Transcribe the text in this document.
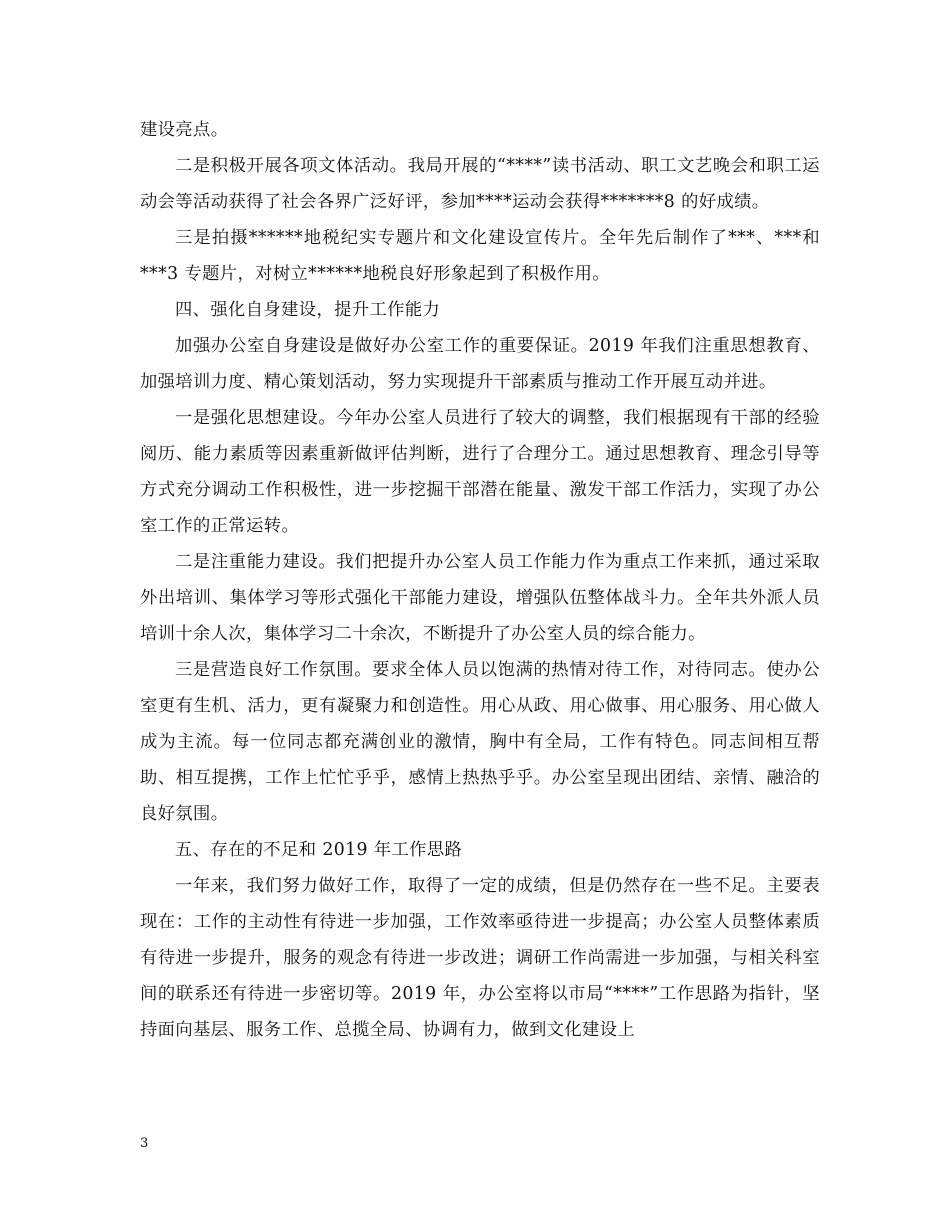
建设亮点。

二是积极开展各项文体活动。我局开展的“****”读书活动、职工文艺晚会和职工运动会等活动获得了社会各界广泛好评，参加****运动会获得*******8 的好成绩。

三是拍摄******地税纪实专题片和文化建设宣传片。全年先后制作了***、***和***3 专题片，对树立******地税良好形象起到了积极作用。

四、强化自身建设，提升工作能力

加强办公室自身建设是做好办公室工作的重要保证。2019 年我们注重思想教育、加强培训力度、精心策划活动，努力实现提升干部素质与推动工作开展互动并进。

一是强化思想建设。今年办公室人员进行了较大的调整，我们根据现有干部的经验阅历、能力素质等因素重新做评估判断，进行了合理分工。通过思想教育、理念引导等方式充分调动工作积极性，进一步挖掘干部潜在能量、激发干部工作活力，实现了办公室工作的正常运转。

二是注重能力建设。我们把提升办公室人员工作能力作为重点工作来抓，通过采取外出培训、集体学习等形式强化干部能力建设，增强队伍整体战斗力。全年共外派人员培训十余人次，集体学习二十余次，不断提升了办公室人员的综合能力。

三是营造良好工作氛围。要求全体人员以饱满的热情对待工作，对待同志。使办公室更有生机、活力，更有凝聚力和创造性。用心从政、用心做事、用心服务、用心做人成为主流。每一位同志都充满创业的激情，胸中有全局，工作有特色。同志间相互帮助、相互提携，工作上忙忙乎乎，感情上热热乎乎。办公室呈现出团结、亲情、融洽的良好氛围。

五、存在的不足和 2019 年工作思路

一年来，我们努力做好工作，取得了一定的成绩，但是仍然存在一些不足。主要表现在：工作的主动性有待进一步加强，工作效率亟待进一步提高；办公室人员整体素质有待进一步提升，服务的观念有待进一步改进；调研工作尚需进一步加强，与相关科室间的联系还有待进一步密切等。2019 年，办公室将以市局“****”工作思路为指针，坚持面向基层、服务工作、总揽全局、协调有力，做到文化建设上

3
